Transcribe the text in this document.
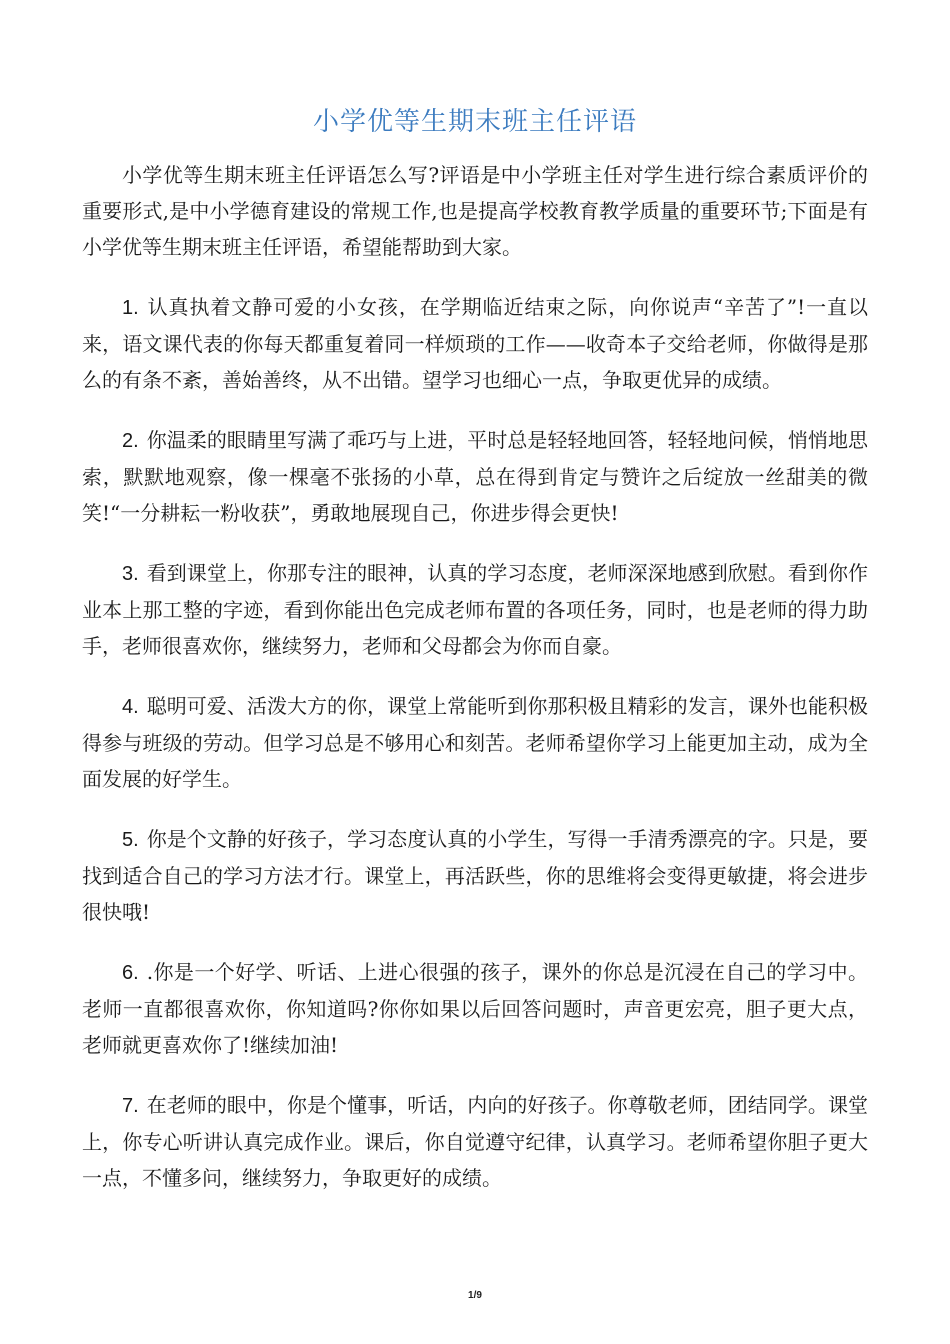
小学优等生期末班主任评语

小学优等生期末班主任评语怎么写?评语是中小学班主任对学生进行综合素质评价的重要形式,是中小学德育建设的常规工作,也是提高学校教育教学质量的重要环节;下面是有小学优等生期末班主任评语，希望能帮助到大家。

1. 认真执着文静可爱的小女孩，在学期临近结束之际，向你说声“辛苦了”!一直以来，语文课代表的你每天都重复着同一样烦琐的工作——收奇本子交给老师，你做得是那么的有条不紊，善始善终，从不出错。望学习也细心一点，争取更优异的成绩。

2. 你温柔的眼睛里写满了乖巧与上进，平时总是轻轻地回答，轻轻地问候，悄悄地思索，默默地观察，像一棵毫不张扬的小草，总在得到肯定与赞许之后绽放一丝甜美的微笑!“一分耕耘一粉收获”，勇敢地展现自己，你进步得会更快!

3. 看到课堂上，你那专注的眼神，认真的学习态度，老师深深地感到欣慰。看到你作业本上那工整的字迹，看到你能出色完成老师布置的各项任务，同时，也是老师的得力助手，老师很喜欢你，继续努力，老师和父母都会为你而自豪。

4. 聪明可爱、活泼大方的你，课堂上常能听到你那积极且精彩的发言，课外也能积极得参与班级的劳动。但学习总是不够用心和刻苦。老师希望你学习上能更加主动，成为全面发展的好学生。

5. 你是个文静的好孩子，学习态度认真的小学生，写得一手清秀漂亮的字。只是，要找到适合自己的学习方法才行。课堂上，再活跃些，你的思维将会变得更敏捷，将会进步很快哦!

6. .你是一个好学、听话、上进心很强的孩子，课外的你总是沉浸在自己的学习中。老师一直都很喜欢你，你知道吗?你你如果以后回答问题时，声音更宏亮，胆子更大点，老师就更喜欢你了!继续加油!

7. 在老师的眼中，你是个懂事，听话，内向的好孩子。你尊敬老师，团结同学。课堂上，你专心听讲认真完成作业。课后，你自觉遵守纪律，认真学习。老师希望你胆子更大一点，不懂多问，继续努力，争取更好的成绩。

1/9
